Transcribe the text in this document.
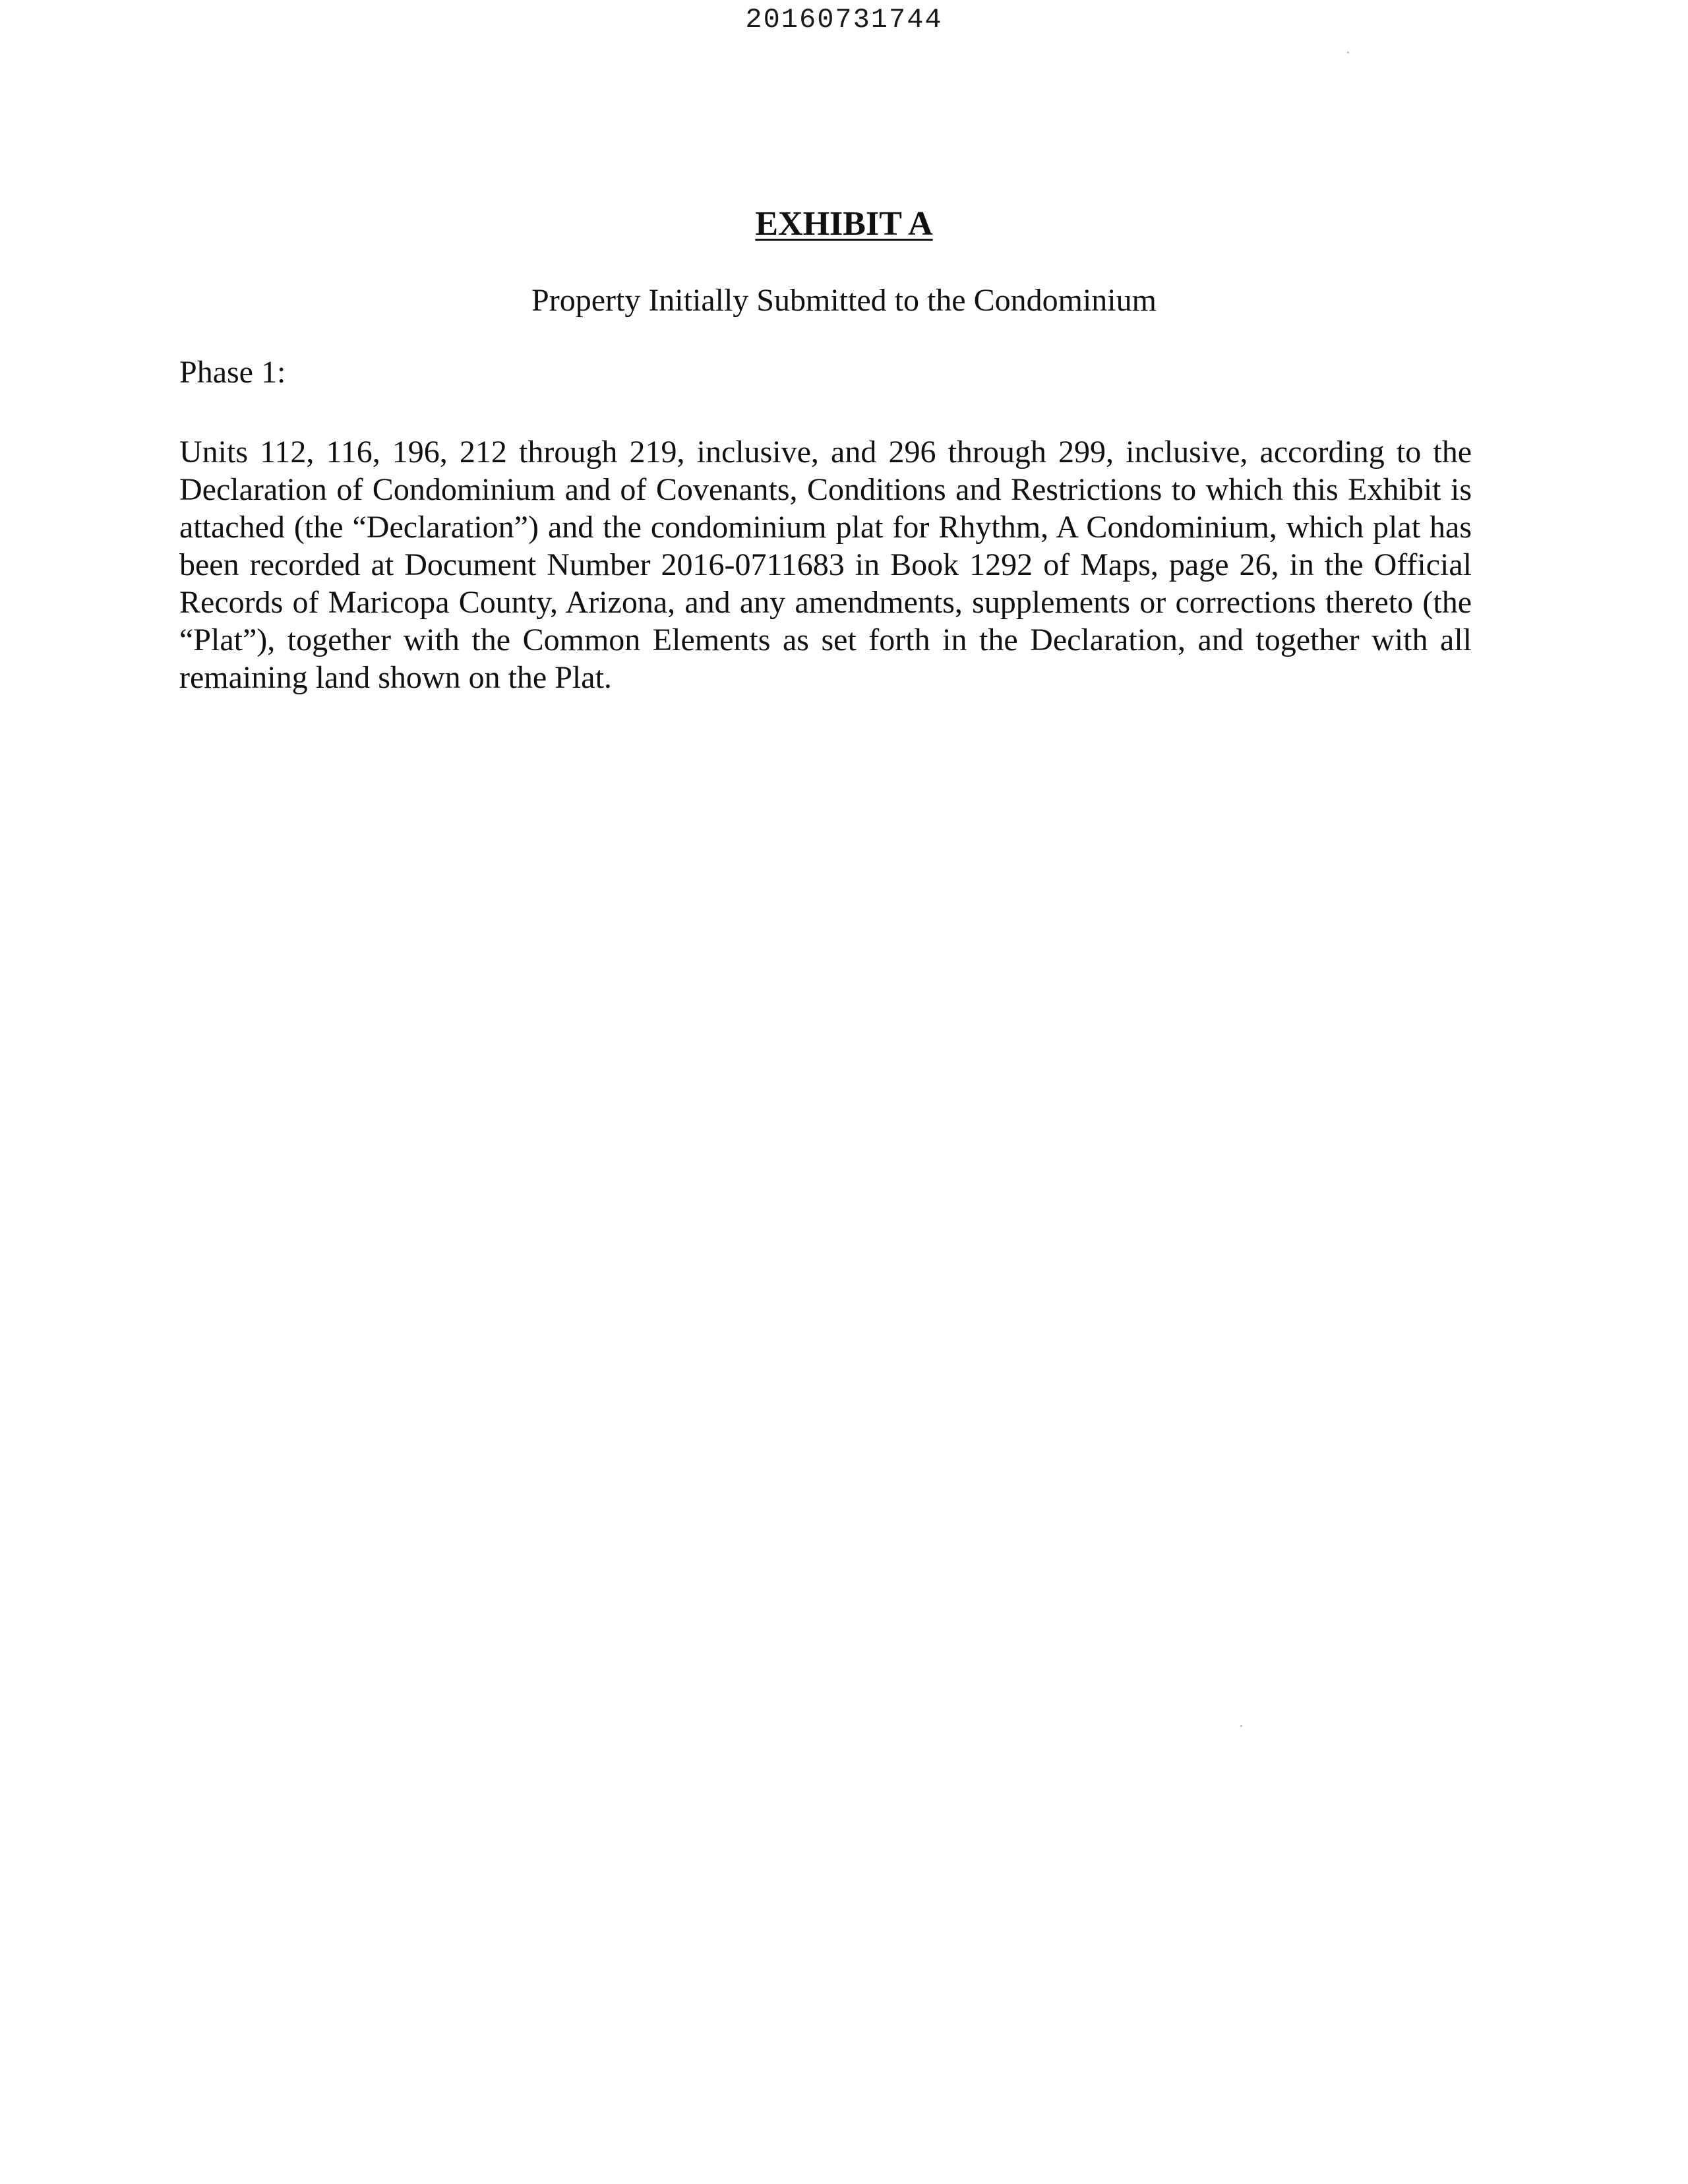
20160731744
EXHIBIT A
Property Initially Submitted to the Condominium
Phase 1:
Units 112, 116, 196, 212 through 219, inclusive, and 296 through 299, inclusive, according to the Declaration of Condominium and of Covenants, Conditions and Restrictions to which this Exhibit is attached (the “Declaration”) and the condominium plat for Rhythm, A Condominium, which plat has been recorded at Document Number 2016-0711683 in Book 1292 of Maps, page 26, in the Official Records of Maricopa County, Arizona, and any amendments, supplements or corrections thereto (the “Plat”), together with the Common Elements as set forth in the Declaration, and together with all remaining land shown on the Plat.
